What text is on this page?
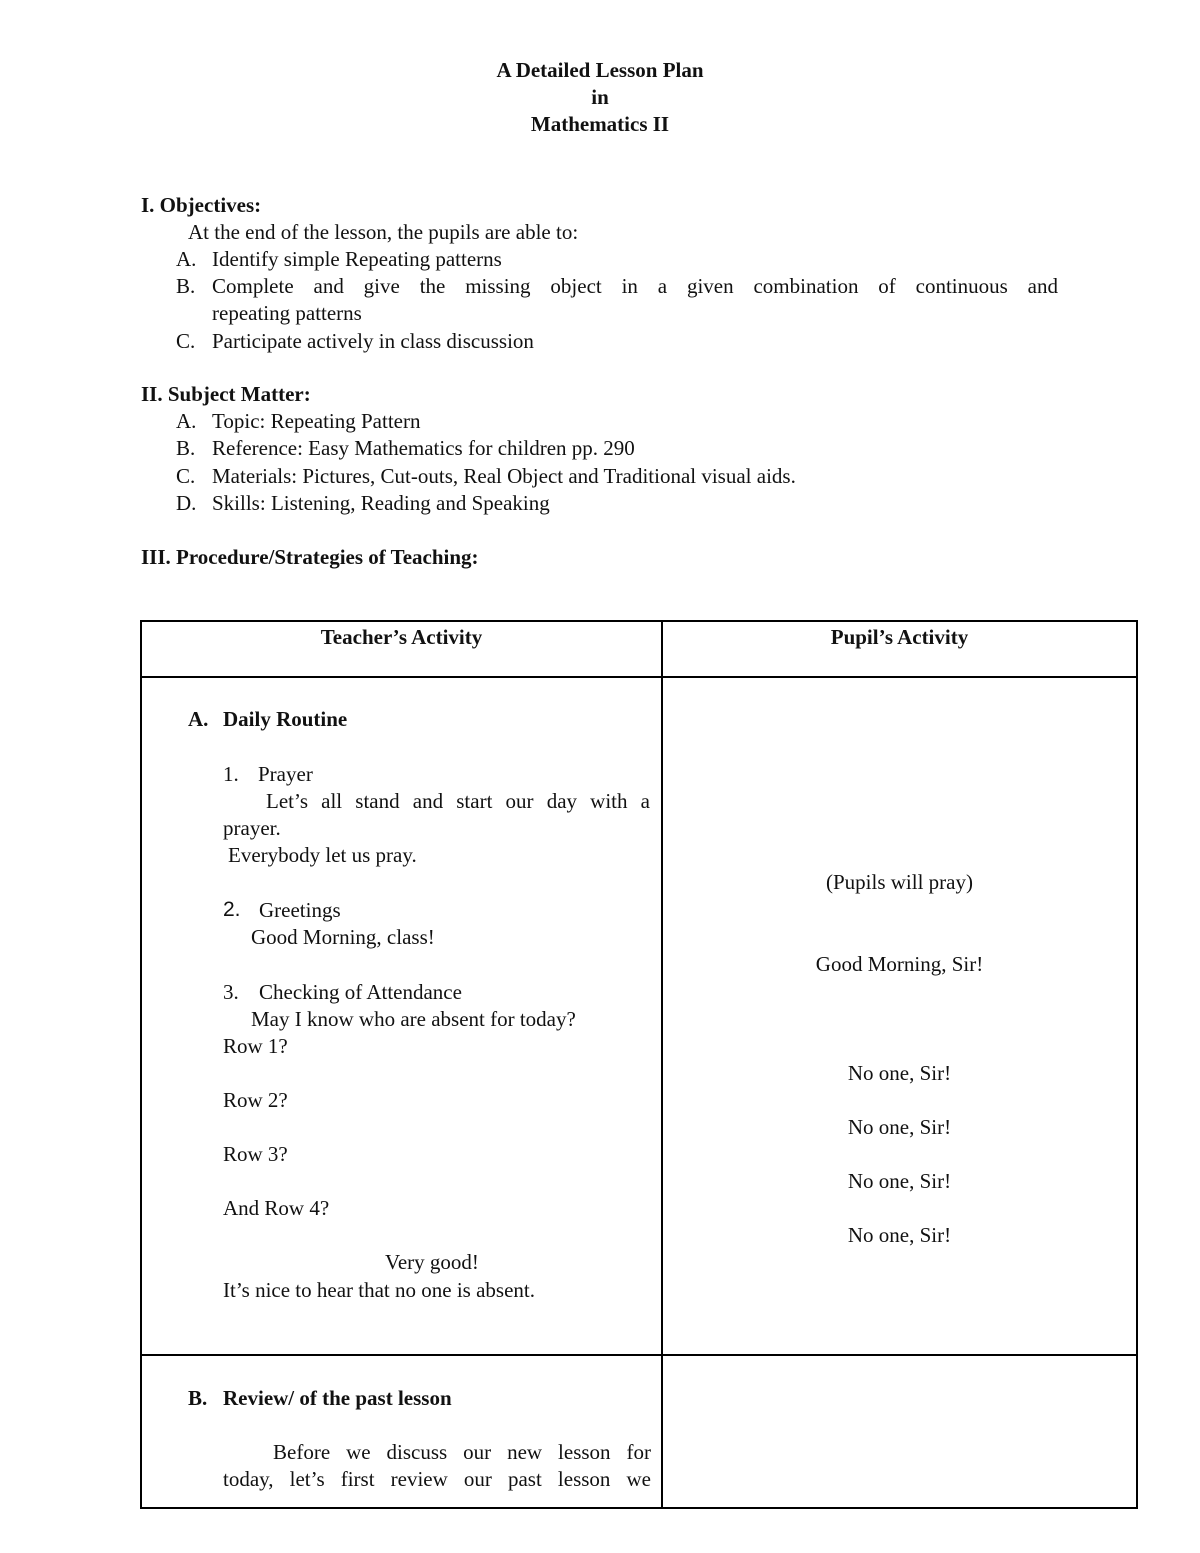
A Detailed Lesson Plan
in
Mathematics II
I. Objectives:
At the end of the lesson, the pupils are able to:
A. Identify simple Repeating patterns
B. Complete and give the missing object in a given combination of continuous and
repeating patterns
C. Participate actively in class discussion
II. Subject Matter:
A. Topic: Repeating Pattern
B. Reference: Easy Mathematics for children pp. 290
C. Materials: Pictures, Cut-outs, Real Object and Traditional visual aids.
D. Skills: Listening, Reading and Speaking
III. Procedure/Strategies of Teaching:
Teacher’s Activity	Pupil’s Activity
A. Daily Routine
1. Prayer
Let’s all stand and start our day with a
prayer.
Everybody let us pray.
2. Greetings
Good Morning, class!
3. Checking of Attendance
May I know who are absent for today?
Row 1?
Row 2?
Row 3?
And Row 4?
Very good!
It’s nice to hear that no one is absent.
(Pupils will pray)
Good Morning, Sir!
No one, Sir!
No one, Sir!
No one, Sir!
No one, Sir!
B. Review/ of the past lesson
Before we discuss our new lesson for
today, let’s first review our past lesson we
